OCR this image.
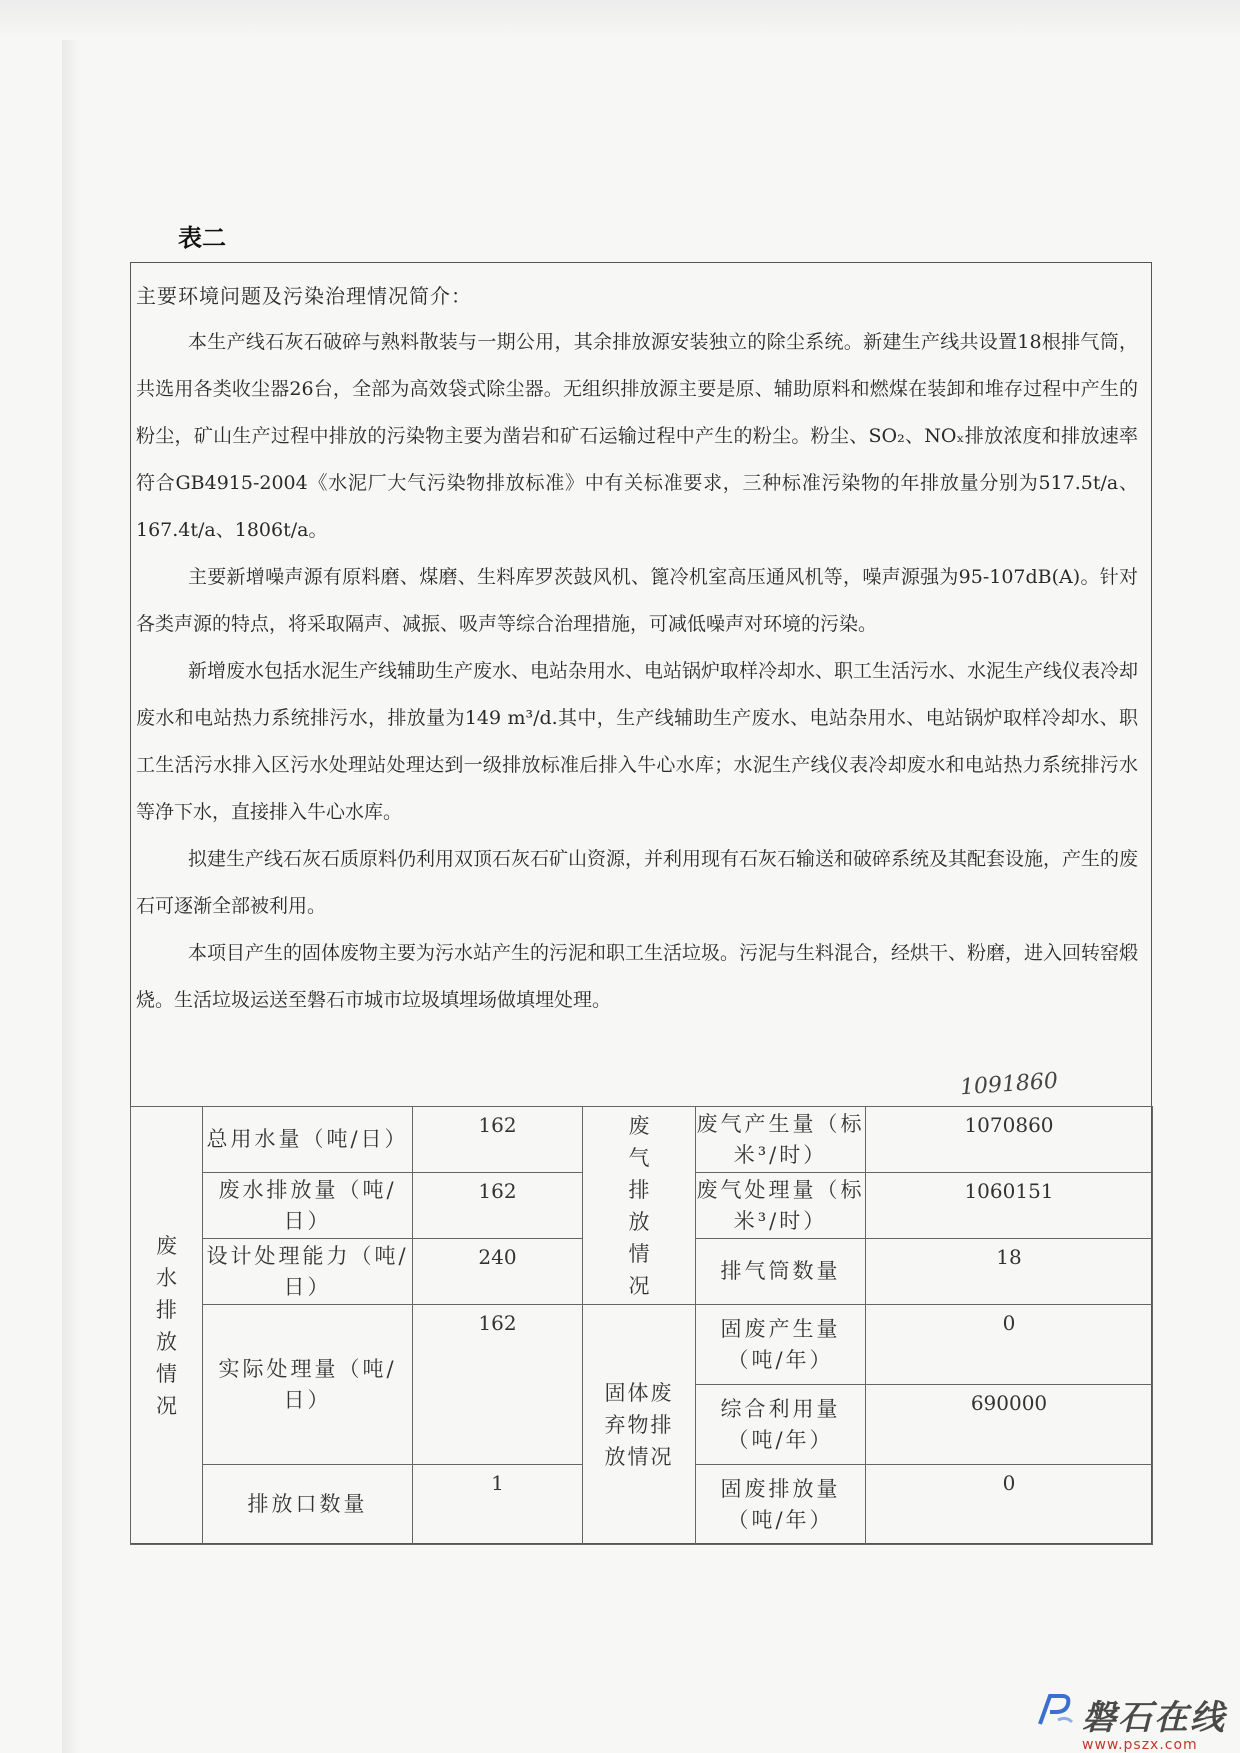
表二
主要环境问题及污染治理情况简介：

本生产线石灰石破碎与熟料散装与一期公用，其余排放源安装独立的除尘系统。新建生产线共设置18根排气筒，共选用各类收尘器26台，全部为高效袋式除尘器。无组织排放源主要是原、辅助原料和燃煤在装卸和堆存过程中产生的粉尘，矿山生产过程中排放的污染物主要为凿岩和矿石运输过程中产生的粉尘。粉尘、SO₂、NOₓ排放浓度和排放速率符合GB4915-2004《水泥厂大气污染物排放标准》中有关标准要求，三种标准污染物的年排放量分别为517.5t/a、167.4t/a、1806t/a。

主要新增噪声源有原料磨、煤磨、生料库罗茨鼓风机、篦冷机室高压通风机等，噪声源强为95-107dB(A)。针对各类声源的特点，将采取隔声、减振、吸声等综合治理措施，可减低噪声对环境的污染。

新增废水包括水泥生产线辅助生产废水、电站杂用水、电站锅炉取样冷却水、职工生活污水、水泥生产线仪表冷却废水和电站热力系统排污水，排放量为149 m³/d.其中，生产线辅助生产废水、电站杂用水、电站锅炉取样冷却水、职工生活污水排入区污水处理站处理达到一级排放标准后排入牛心水库；水泥生产线仪表冷却废水和电站热力系统排污水等净下水，直接排入牛心水库。

拟建生产线石灰石质原料仍利用双顶石灰石矿山资源，并利用现有石灰石输送和破碎系统及其配套设施，产生的废石可逐渐全部被利用。

本项目产生的固体废物主要为污水站产生的污泥和职工生活垃圾。污泥与生料混合，经烘干、粉磨，进入回转窑煅烧。生活垃圾运送至磐石市城市垃圾填埋场做填埋处理。

1091860
废水排放情况	总用水量（吨/日）	162	废气排放情况	废气产生量（标米³/时）	1070860
	废水排放量（吨/日）	162		废气处理量（标米³/时）	1060151
	设计处理能力（吨/日）	240		排气筒数量	18
	实际处理量（吨/日）	162	固体废弃物排放情况	固废产生量（吨/年）	0
				综合利用量（吨/年）	690000
	排放口数量	1		固废排放量（吨/年）	0
磐石在线
www.pszx.com
